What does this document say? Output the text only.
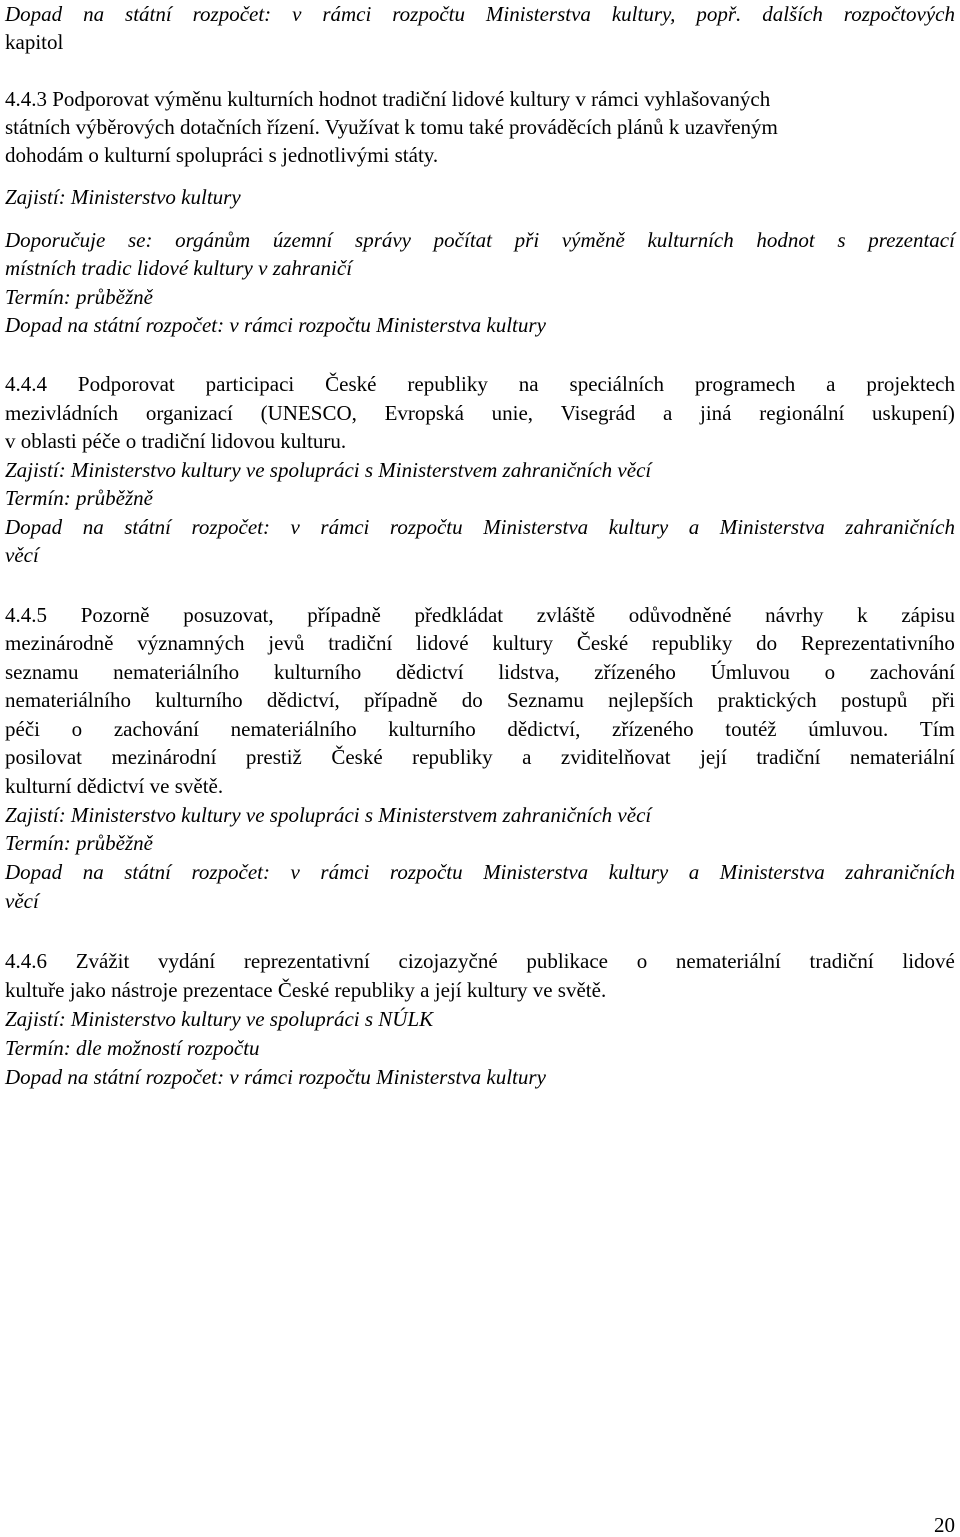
Dopad na státní rozpočet: v rámci rozpočtu Ministerstva kultury, popř. dalších rozpočtových
kapitol
4.4.3 Podporovat výměnu kulturních hodnot tradiční lidové kultury v rámci vyhlašovaných
státních výběrových dotačních řízení. Využívat k tomu také prováděcích plánů k uzavřeným
dohodám o kulturní spolupráci s jednotlivými státy.
Zajistí: Ministerstvo kultury
Doporučuje se: orgánům územní správy počítat při výměně kulturních hodnot s prezentací
místních tradic lidové kultury v zahraničí
Termín: průběžně
Dopad na státní rozpočet: v rámci rozpočtu Ministerstva kultury
4.4.4 Podporovat participaci České republiky na speciálních programech a projektech
mezivládních organizací (UNESCO, Evropská unie, Visegrád a jiná regionální uskupení)
v oblasti péče o tradiční lidovou kulturu.
Zajistí: Ministerstvo kultury ve spolupráci s Ministerstvem zahraničních věcí
Termín: průběžně
Dopad na státní rozpočet: v rámci rozpočtu Ministerstva kultury a Ministerstva zahraničních
věcí
4.4.5 Pozorně posuzovat, případně předkládat zvláště odůvodněné návrhy k zápisu
mezinárodně významných jevů tradiční lidové kultury České republiky do Reprezentativního
seznamu nemateriálního kulturního dědictví lidstva, zřízeného Úmluvou o zachování
nemateriálního kulturního dědictví, případně do Seznamu nejlepších praktických postupů při
péči o zachování nemateriálního kulturního dědictví, zřízeného toutéž úmluvou. Tím
posilovat mezinárodní prestiž České republiky a zviditelňovat její tradiční nemateriální
kulturní dědictví ve světě.
Zajistí: Ministerstvo kultury ve spolupráci s Ministerstvem zahraničních věcí
Termín: průběžně
Dopad na státní rozpočet: v rámci rozpočtu Ministerstva kultury a Ministerstva zahraničních
věcí
4.4.6 Zvážit vydání reprezentativní cizojazyčné publikace o nemateriální tradiční lidové
kultuře jako nástroje prezentace České republiky a její kultury ve světě.
Zajistí: Ministerstvo kultury ve spolupráci s NÚLK
Termín: dle možností rozpočtu
Dopad na státní rozpočet: v rámci rozpočtu Ministerstva kultury
20
